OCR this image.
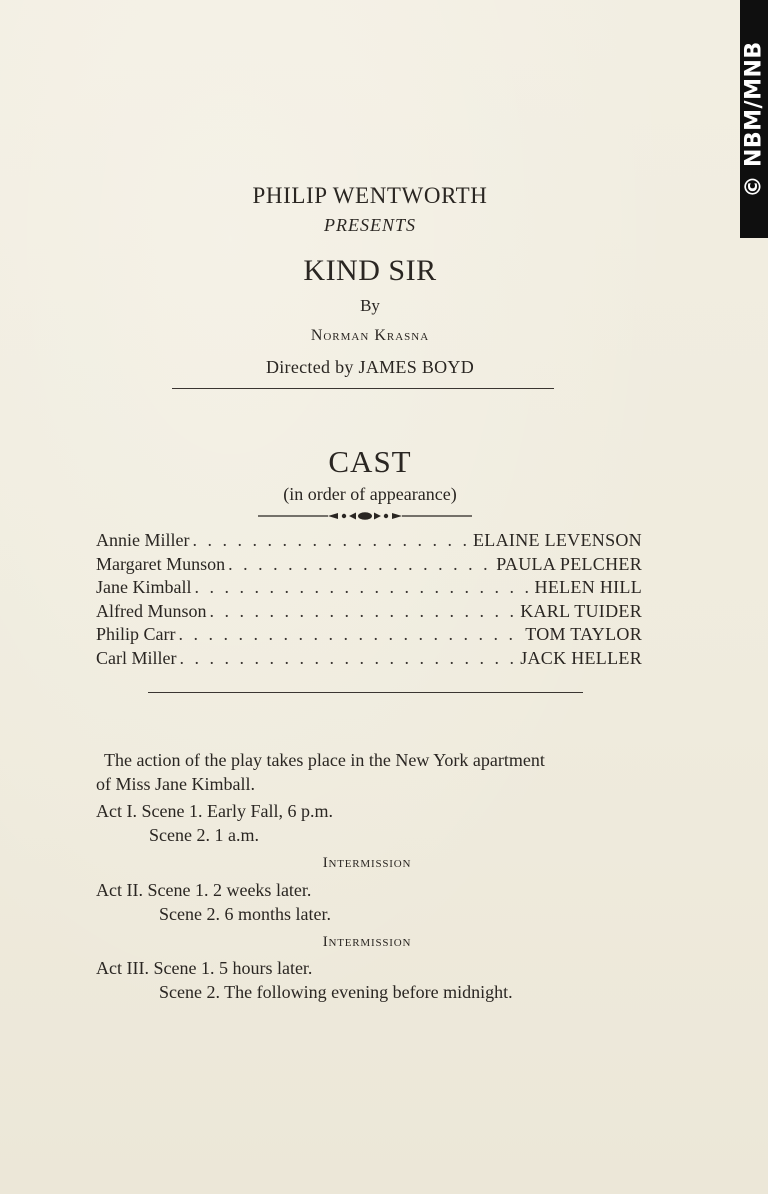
© NBM/MNB
PHILIP WENTWORTH
PRESENTS
KIND SIR
By
Norman Krasna
Directed by JAMES BOYD
CAST
(in order of appearance)
Annie Miller . . .	ELAINE LEVENSON
Margaret Munson . . .	PAULA PELCHER
Jane Kimball . . .	HELEN HILL
Alfred Munson . . .	KARL TUIDER
Philip Carr . . .	TOM TAYLOR
Carl Miller . . .	JACK HELLER
The action of the play takes place in the New York apartment
of Miss Jane Kimball.
Act I. Scene 1. Early Fall, 6 p.m.
Scene 2. 1 a.m.
Intermission
Act II. Scene 1. 2 weeks later.
Scene 2. 6 months later.
Intermission
Act III. Scene 1. 5 hours later.
Scene 2. The following evening before midnight.
